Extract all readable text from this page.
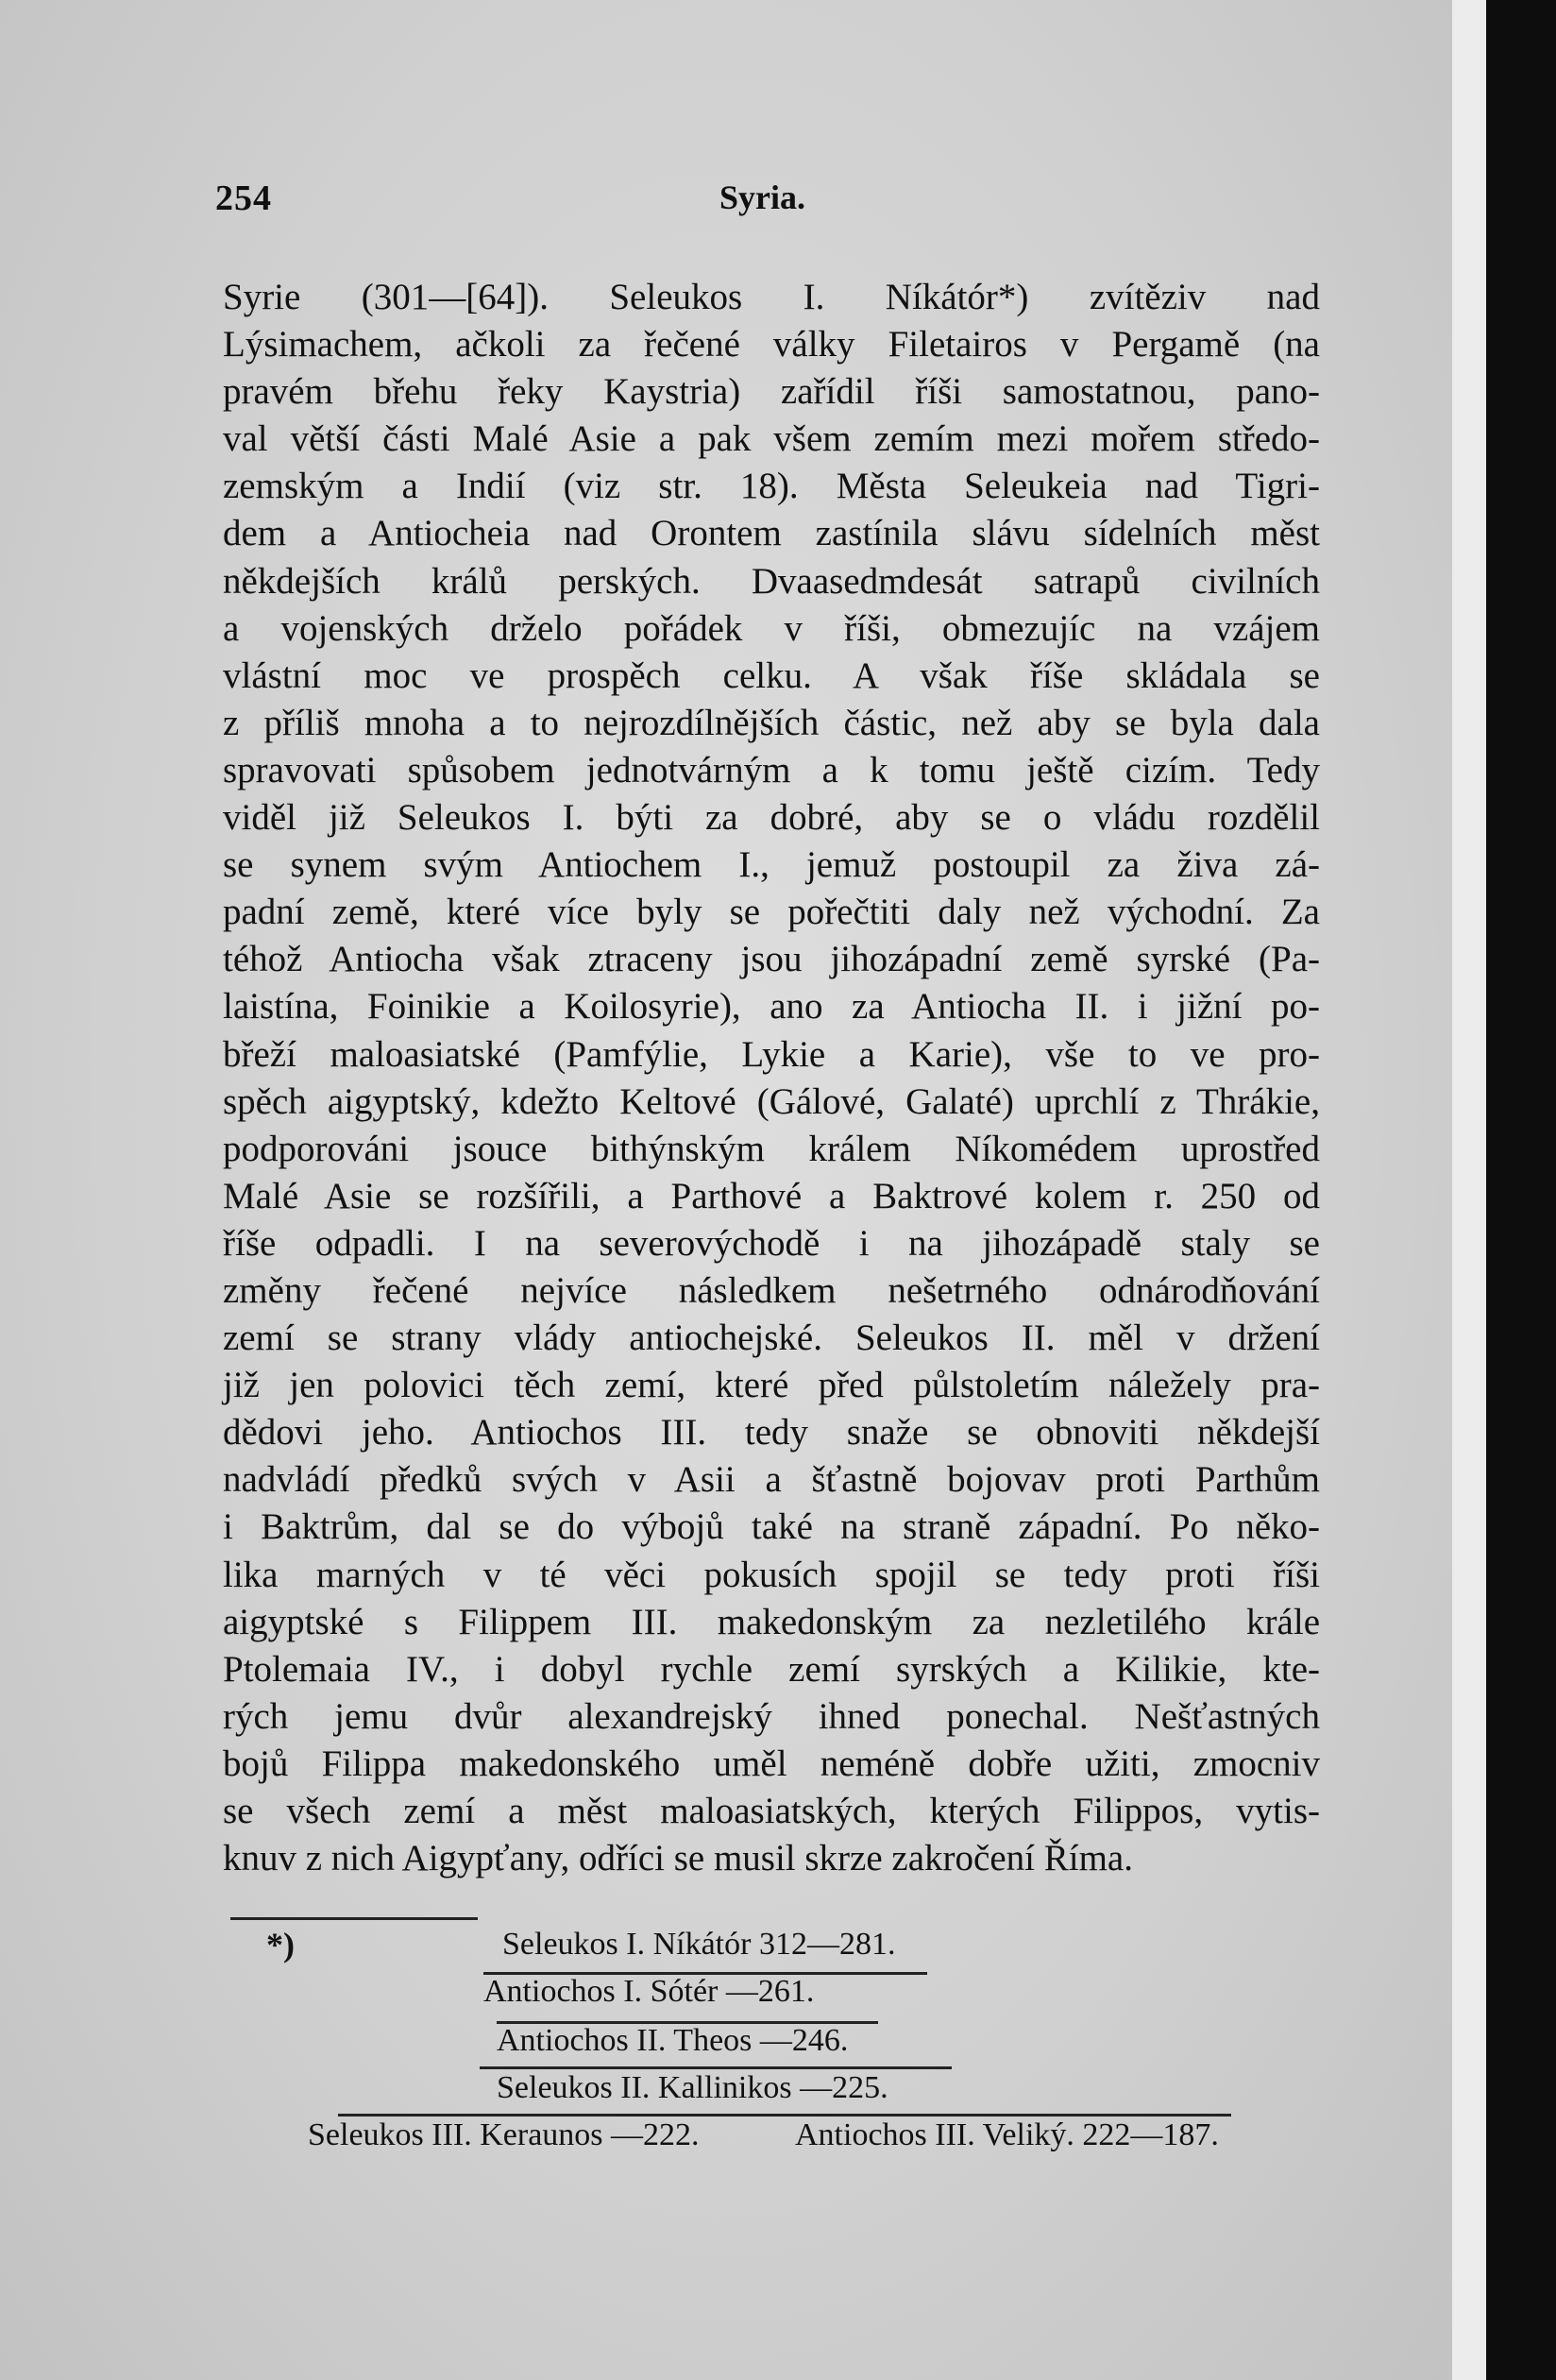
254	Syria.
Syrie (301—[64]). Seleukos I. Níkátór*) zvítěziv nad
Lýsimachem, ačkoli za řečené války Filetairos v Pergamě (na
pravém břehu řeky Kaystria) zařídil říši samostatnou, pano-
val větší části Malé Asie a pak všem zemím mezi mořem středo-
zemským a Indií (viz str. 18). Města Seleukeia nad Tigri-
dem a Antiocheia nad Orontem zastínila slávu sídelních měst
někdejších králů perských. Dvaasedmdesát satrapů civilních
a vojenských drželo pořádek v říši, obmezujíc na vzájem
vlástní moc ve prospěch celku. A však říše skládala se
z příliš mnoha a to nejrozdílnějších částic, než aby se byla dala
spravovati spůsobem jednotvárným a k tomu ještě cizím. Tedy
viděl již Seleukos I. býti za dobré, aby se o vládu rozdělil
se synem svým Antiochem I., jemuž postoupil za živa zá-
padní země, které více byly se pořečtiti daly než východní. Za
téhož Antiocha však ztraceny jsou jihozápadní země syrské (Pa-
laistína, Foinikie a Koilosyrie), ano za Antiocha II. i jižní po-
břeží maloasiatské (Pamfýlie, Lykie a Karie), vše to ve pro-
spěch aigyptský, kdežto Keltové (Gálové, Galaté) uprchlí z Thrákie,
podporováni jsouce bithýnským králem Níkomédem uprostřed
Malé Asie se rozšířili, a Parthové a Baktrové kolem r. 250 od
říše odpadli. I na severovýchodě i na jihozápadě staly se
změny řečené nejvíce následkem nešetrného odnárodňování
zemí se strany vlády antiochejské. Seleukos II. měl v držení
již jen polovici těch zemí, které před půlstoletím náležely pra-
dědovi jeho. Antiochos III. tedy snaže se obnoviti někdejší
nadvládí předků svých v Asii a šťastně bojovav proti Parthům
i Baktrům, dal se do výbojů také na straně západní. Po něko-
lika marných v té věci pokusích spojil se tedy proti říši
aigyptské s Filippem III. makedonským za nezletilého krále
Ptolemaia IV., i dobyl rychle zemí syrských a Kilikie, kte-
rých jemu dvůr alexandrejský ihned ponechal. Nešťastných
bojů Filippa makedonského uměl neméně dobře užiti, zmocniv
se všech zemí a měst maloasiatských, kterých Filippos, vytis-
knuv z nich Aigypťany, odříci se musil skrze zakročení Říma.
*)	Seleukos I. Níkátór 312—281.
Antiochos I. Sótér —261.
Antiochos II. Theos —246.
Seleukos II. Kallinikos —225.
Seleukos III. Keraunos —222.	Antiochos III. Veliký. 222—187.
